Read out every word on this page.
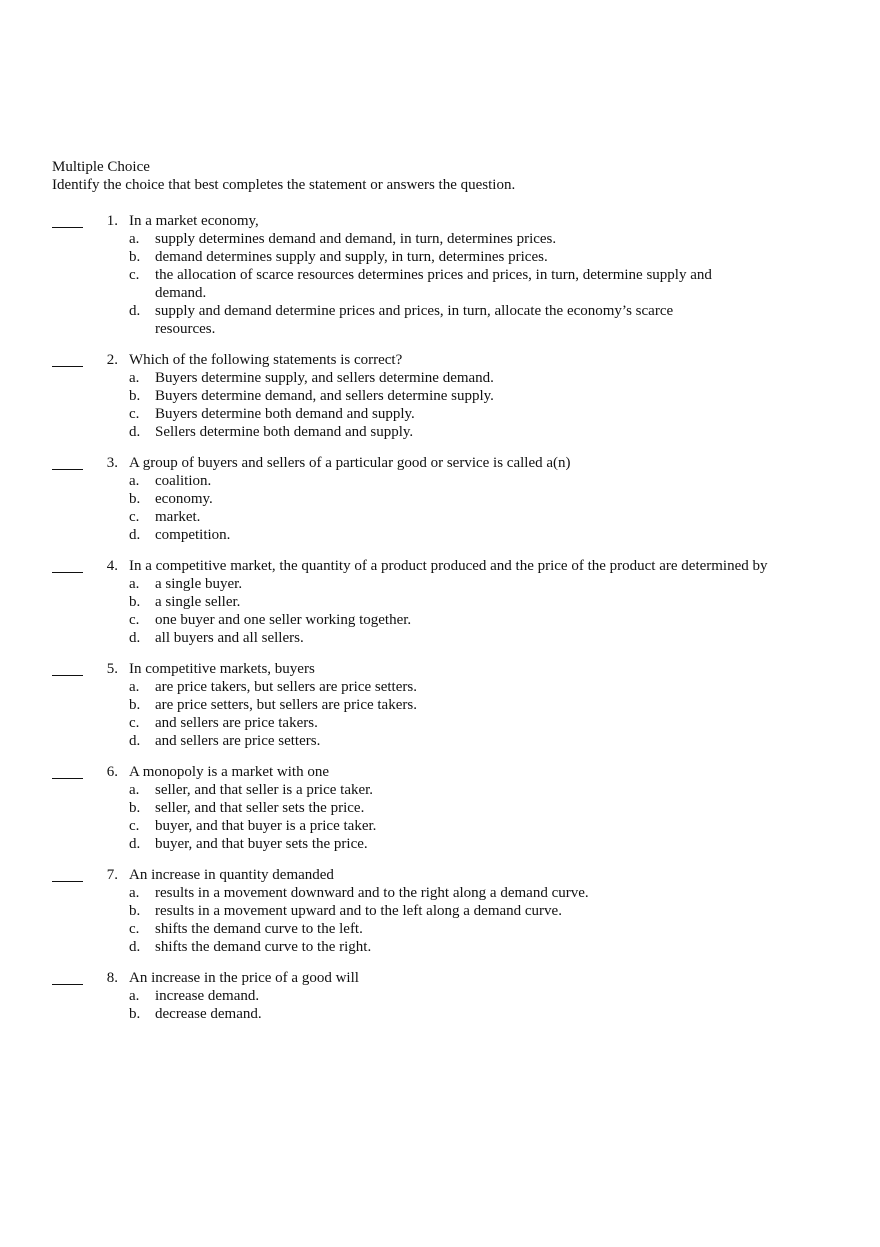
Multiple Choice
Identify the choice that best completes the statement or answers the question.
1. In a market economy,
a. supply determines demand and demand, in turn, determines prices.
b. demand determines supply and supply, in turn, determines prices.
c. the allocation of scarce resources determines prices and prices, in turn, determine supply and demand.
d. supply and demand determine prices and prices, in turn, allocate the economy’s scarce resources.
2. Which of the following statements is correct?
a. Buyers determine supply, and sellers determine demand.
b. Buyers determine demand, and sellers determine supply.
c. Buyers determine both demand and supply.
d. Sellers determine both demand and supply.
3. A group of buyers and sellers of a particular good or service is called a(n)
a. coalition.
b. economy.
c. market.
d. competition.
4. In a competitive market, the quantity of a product produced and the price of the product are determined by
a. a single buyer.
b. a single seller.
c. one buyer and one seller working together.
d. all buyers and all sellers.
5. In competitive markets, buyers
a. are price takers, but sellers are price setters.
b. are price setters, but sellers are price takers.
c. and sellers are price takers.
d. and sellers are price setters.
6. A monopoly is a market with one
a. seller, and that seller is a price taker.
b. seller, and that seller sets the price.
c. buyer, and that buyer is a price taker.
d. buyer, and that buyer sets the price.
7. An increase in quantity demanded
a. results in a movement downward and to the right along a demand curve.
b. results in a movement upward and to the left along a demand curve.
c. shifts the demand curve to the left.
d. shifts the demand curve to the right.
8. An increase in the price of a good will
a. increase demand.
b. decrease demand.
